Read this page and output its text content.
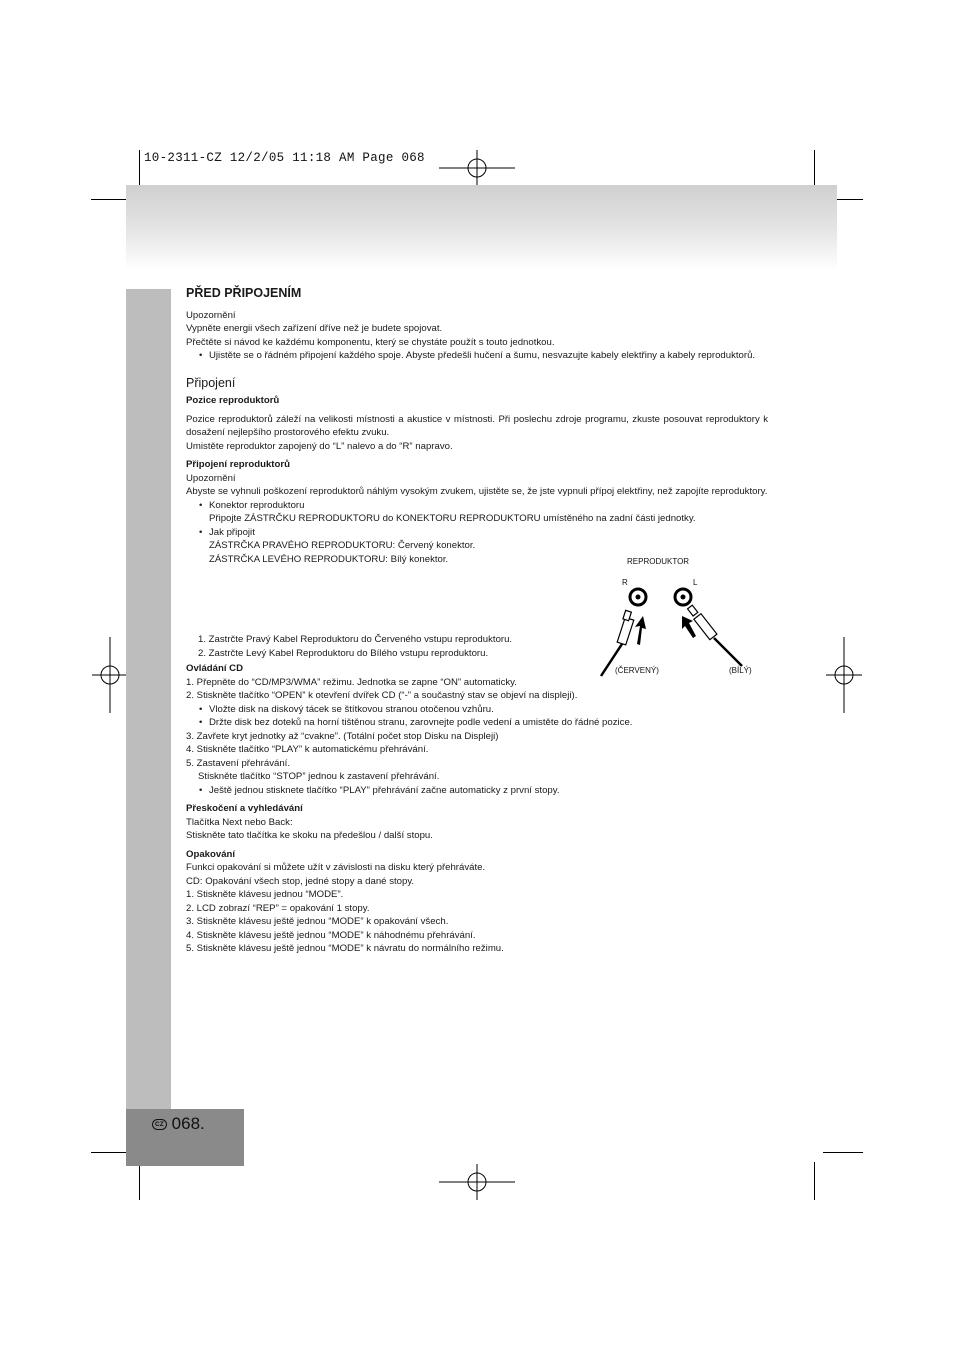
10-2311-CZ 12/2/05 11:18 AM Page 068
CZ 068.

PŘED PŘIPOJENÍM

Upozornění

Vypněte energii všech zařízení dříve než je budete spojovat.

Přečtěte si návod ke každému komponentu, který se chystáte použít s touto jednotkou.

• Ujistěte se o řádném připojení každého spoje. Abyste předešli hučení a šumu, nesvazujte kabely elektřiny a kabely reproduktorů.

Připojení

Pozice reproduktorů

Pozice reproduktorů záleží na velikosti místnosti a akustice v místnosti. Při poslechu zdroje programu, zkuste posouvat reproduktory k dosažení nejlepšího prostorového efektu zvuku.

Umistěte reproduktor zapojený do “L” nalevo a do “R” napravo.

Připojení reproduktorů

Upozornění

Abyste se vyhnuli poškození reproduktorů náhlým vysokým zvukem, ujistěte se, že jste vypnuli přípoj elektřiny, než zapojíte reproduktory.

• Konektor reproduktoru

Připojte ZÁSTRČKU REPRODUKTORU do KONEKTORU REPRODUKTORU umístěného na zadní části jednotky.

• Jak připojit

ZÁSTRČKA PRAVÉHO REPRODUKTORU: Červený konektor.

ZÁSTRČKA LEVÉHO REPRODUKTORU: Bílý konektor.

1. Zastrčte Pravý Kabel Reproduktoru do Červeného vstupu reproduktoru.

2. Zastrčte Levý Kabel Reproduktoru do Bílého vstupu reproduktoru.

Ovládání CD

1. Přepněte do “CD/MP3/WMA” režimu. Jednotka se zapne “ON” automaticky.

2. Stiskněte tlačítko “OPEN” k otevření dvířek CD (“-” a součastný stav se objeví na displeji).

• Vložte disk na diskový tácek se štítkovou stranou otočenou vzhůru.

• Držte disk bez doteků na horní tištěnou stranu, zarovnejte podle vedení a umistěte do řádné pozice.

3. Zavřete kryt jednotky až “cvakne”. (Totální počet stop Disku na Displeji)

4. Stiskněte tlačítko “PLAY” k automatickému přehrávání.

5. Zastavení přehrávání.

Stiskněte tlačítko “STOP” jednou k zastavení přehrávání.

• Ještě jednou stisknete tlačítko “PLAY” přehrávání začne automaticky z první stopy.

Přeskočení a vyhledávání

Tlačítka Next nebo Back:

Stiskněte tato tlačítka ke skoku na předešlou / další stopu.

Opakování

Funkci opakování si můžete užít v závislosti na disku který přehráváte.

CD: Opakování všech stop, jedné stopy a dané stopy.

1. Stiskněte klávesu jednou “MODE”.

2. LCD zobrazí “REP” = opakování 1 stopy.

3. Stiskněte klávesu ještě jednou “MODE” k opakování všech.

4. Stiskněte klávesu ještě jednou “MODE” k náhodnému přehrávání.

5. Stiskněte klávesu ještě jednou “MODE” k návratu do normálního režimu.

REPRODUKTOR
R	L
(ČERVENÝ)	(BÍLÝ)
